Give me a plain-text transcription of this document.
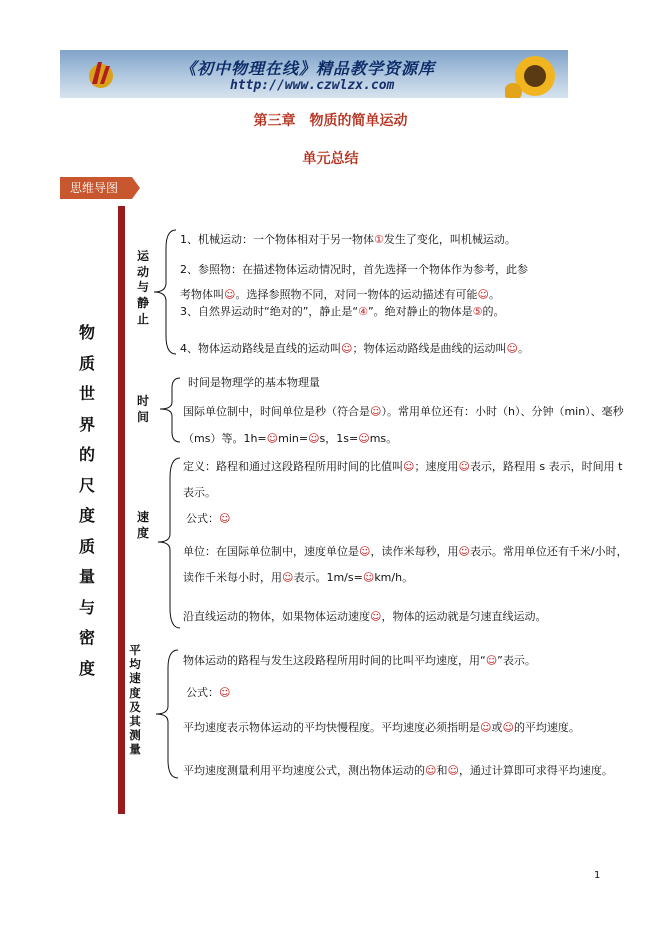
《初中物理在线》精品教学资源库
http://www.czwlzx.com
第三章　物质的简单运动
单元总结
思维导图
物质世界的尺度质量与密度
运动与静止
时间
速度
平均速度及其测量
1、机械运动：一个物体相对于另一物体①发生了变化，叫机械运动。
2、参照物：在描述物体运动情况时，首先选择一个物体作为参考，此参
考物体叫☺。选择参照物不同，对同一物体的运动描述有可能☺。
3、自然界运动时“绝对的”，静止是“④”。绝对静止的物体是⑤的。
4、物体运动路线是直线的运动叫☺；物体运动路线是曲线的运动叫☺。
时间是物理学的基本物理量
国际单位制中，时间单位是秒（符合是☺）。常用单位还有：小时（h）、分钟（min）、毫秒
（ms）等。1h=☺min=☺s，1s=☺ms。
定义：路程和通过这段路程所用时间的比值叫☺；速度用☺表示，路程用 s 表示，时间用 t
表示。
公式：☺
单位：在国际单位制中，速度单位是☺，读作米每秒，用☺表示。常用单位还有千米/小时，
读作千米每小时，用☺表示。1m/s=☺km/h。
沿直线运动的物体，如果物体运动速度☺，物体的运动就是匀速直线运动。
物体运动的路程与发生这段路程所用时间的比叫平均速度，用“☺”表示。
公式：☺
平均速度表示物体运动的平均快慢程度。平均速度必须指明是☺或☺的平均速度。
平均速度测量利用平均速度公式，测出物体运动的☺和☺，通过计算即可求得平均速度。
1
